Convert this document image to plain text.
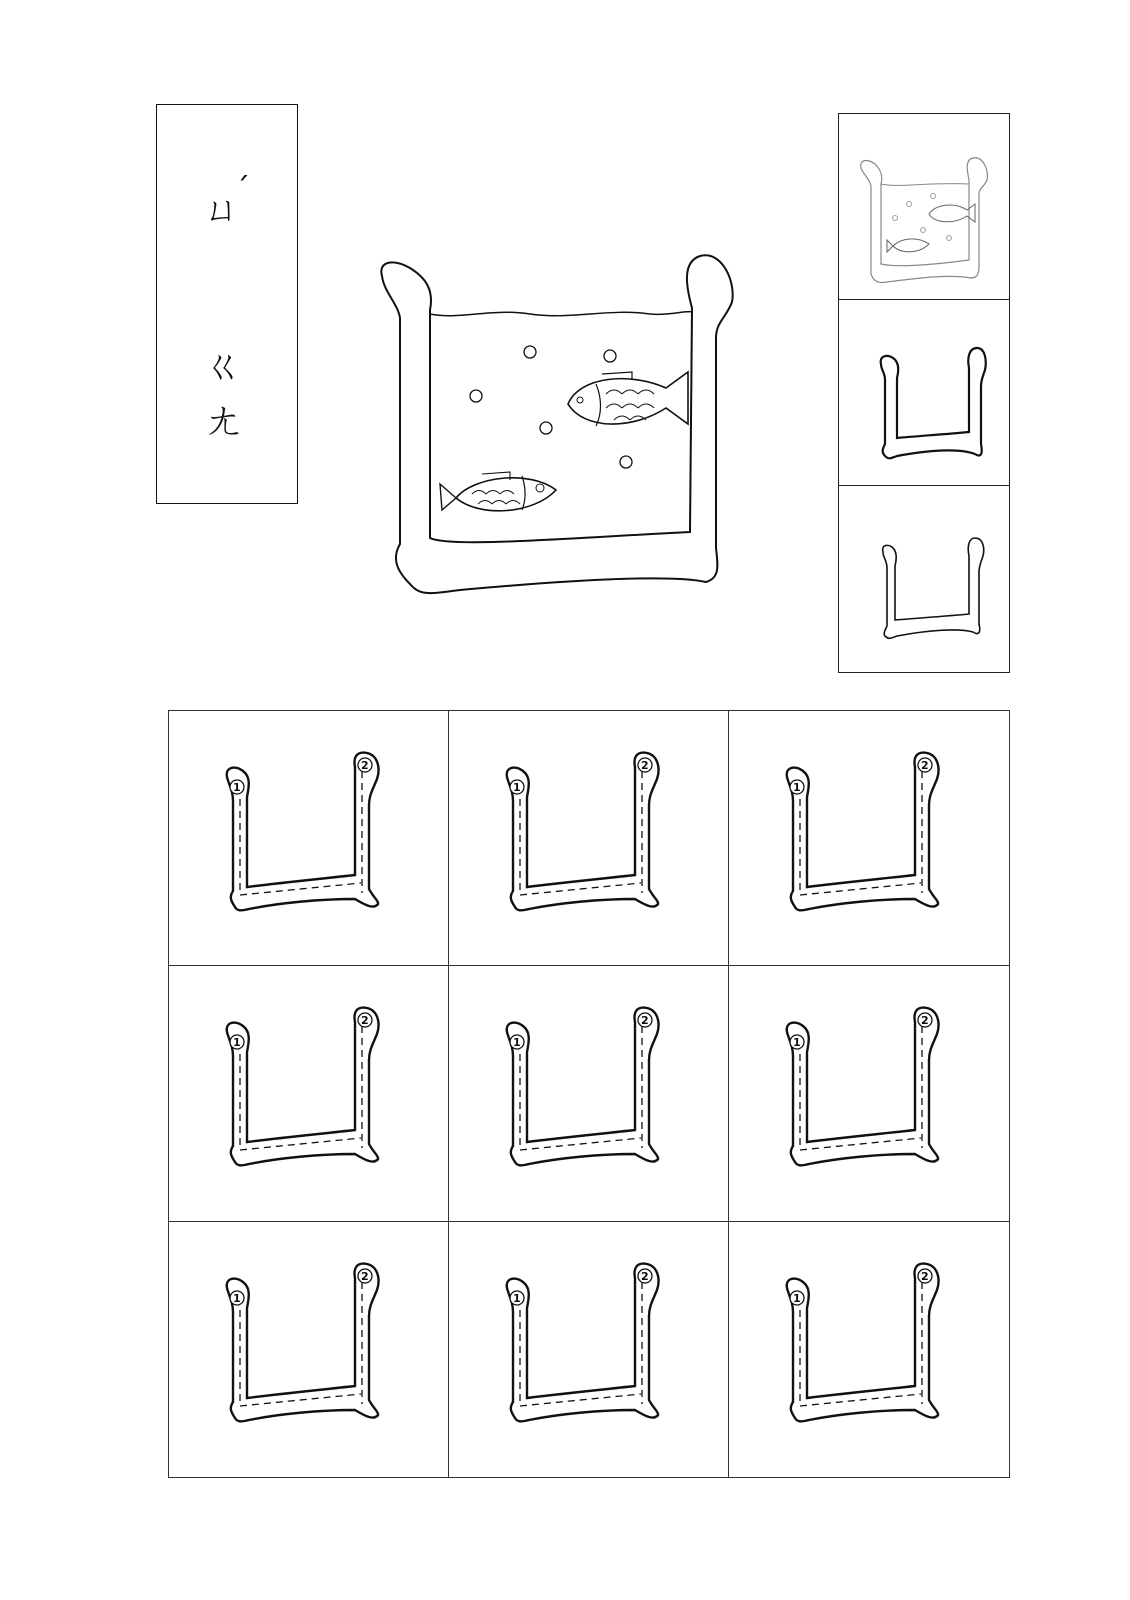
ㄩ
ˊ
ㄍ
ㄤ
1
2
1
2
1
2
1
2
1
2
1
2
1
2
1
2
1
2
